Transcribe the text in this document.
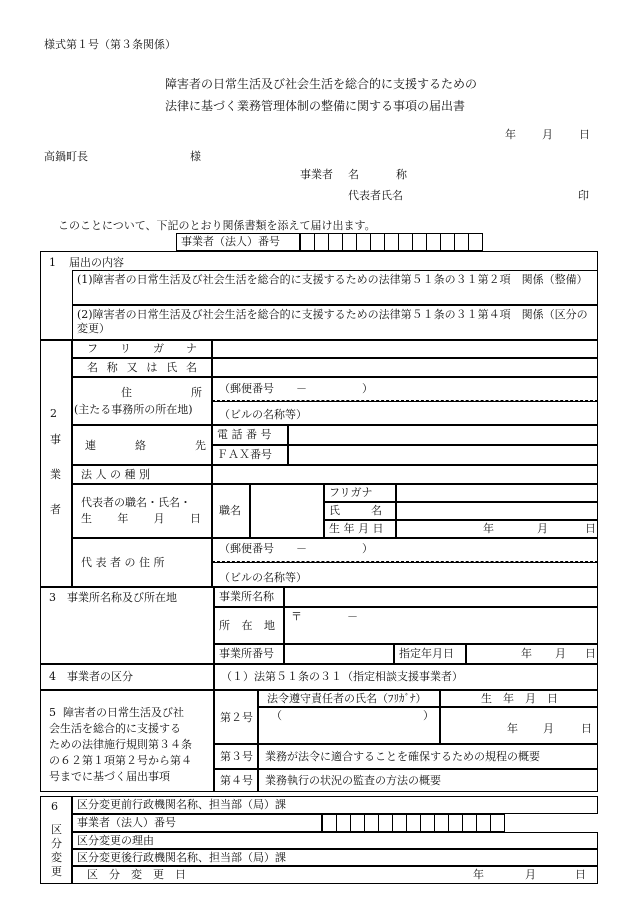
様式第１号（第３条関係）
障害者の日常生活及び社会生活を総合的に支援するための
法律に基づく業務管理体制の整備に関する事項の届出書
年 月 日
高鍋町長	様
事業者 名	称
代表者氏名	印
このことについて、下記のとおり関係書類を添えて届け出ます。
事業者（法人）番号
1 届出の内容
(1)障害者の日常生活及び社会生活を総合的に支援するための法律第５１条の３１第２項　関係（整備）
(2)障害者の日常生活及び社会生活を総合的に支援するための法律第５１条の３１第４項　関係（区分の変更）
2
事
業
者
フ リ ガ ナ
名 称 又 は 氏 名
住	所
(主たる事務所の所在地)
（郵便番号　　－　　　　　）
（ビルの名称等）
連	絡	先
電 話 番 号
ＦＡＸ番号
法 人 の 種 別
代表者の職名・氏名・
生 年 月 日
職名
フリガナ
氏	名
生 年 月 日	年	月	日
代 表 者 の 住 所
（郵便番号　　－　　　　　）
（ビルの名称等）
3 事業所名称及び所在地	事業所名称
所 在 地
〒	－
事業所番号	指定年月日	年 月 日
4 事業者の区分	（１）法第５１条の３１（指定相談支援事業者）
5 障害者の日常生活及び社
会生活を総合的に支援する
ための法律施行規則第３４条
の６２第１項第２号から第４
号までに基づく届出事項
第２号
法令遵守責任者の氏名（ﾌﾘｶﾞﾅ）	生　年　月　日
（	）
年 月 日
第３号 業務が法令に適合することを確保するための規程の概要
第４号 業務執行の状況の監査の方法の概要
6
区
分
変
更
区分変更前行政機関名称、担当部（局）課
事業者（法人）番号
区分変更の理由
区分変更後行政機関名称、担当部（局）課
区 分 変 更 日	年	月	日
